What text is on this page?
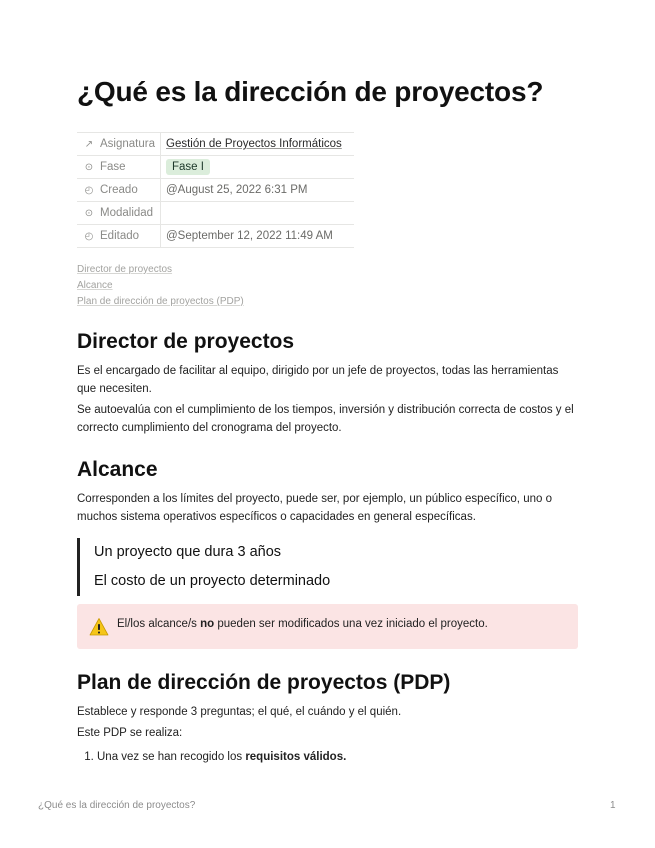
¿Qué es la dirección de proyectos?
↗ Asignatura	Gestión de Proyectos Informáticos
⊙ Fase	Fase I
◴ Creado	@August 25, 2022 6:31 PM
⊙ Modalidad	
◴ Editado	@September 12, 2022 11:49 AM
Director de proyectos
Alcance
Plan de dirección de proyectos (PDP)
Director de proyectos

Es el encargado de facilitar al equipo, dirigido por un jefe de proyectos, todas las herramientas que necesiten.

Se autoevalúa con el cumplimiento de los tiempos, inversión y distribución correcta de costos y el correcto cumplimiento del cronograma del proyecto.

Alcance

Corresponden a los límites del proyecto, puede ser, por ejemplo, un público específico, uno o muchos sistema operativos específicos o capacidades en general específicas.

Un proyecto que dura 3 años
El costo de un proyecto determinado
El/los alcance/s no pueden ser modificados una vez iniciado el proyecto.
Plan de dirección de proyectos (PDP)

Establece y responde 3 preguntas; el qué, el cuándo y el quién.

Este PDP se realiza:

1. Una vez se han recogido los requisitos válidos.
¿Qué es la dirección de proyectos?	1
